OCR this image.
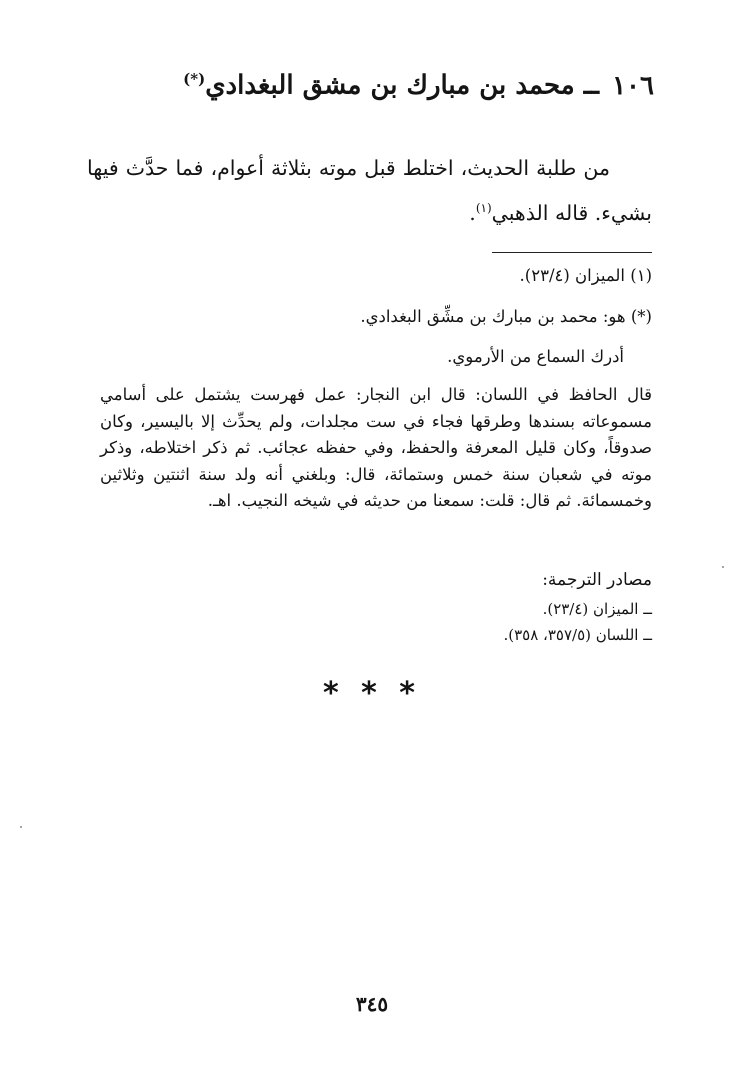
١٠٦ ــ محمد بن مبارك بن مشق البغدادي(*)
من طلبة الحديث، اختلط قبل موته بثلاثة أعوام، فما حدَّث فيها بشيء. قاله الذهبي$^{(١)}$.
(١) الميزان (٢٣/٤).
(*) هو: محمد بن مبارك بن مشِّق البغدادي.
أدرك السماع من الأرموي.
قال الحافظ في اللسان: قال ابن النجار: عمل فهرست يشتمل على أسامي مسموعاته بسندها وطرقها فجاء في ست مجلدات، ولم يحدِّث إلا باليسير، وكان صدوقاً، وكان قليل المعرفة والحفظ، وفي حفظه عجائب. ثم ذكر اختلاطه، وذكر موته في شعبان سنة خمس وستمائة، قال: وبلغني أنه ولد سنة اثنتين وثلاثين وخمسمائة. ثم قال: قلت: سمعنا من حديثه في شيخه النجيب. اهـ.
مصادر الترجمة:
ــ الميزان (٢٣/٤).
ــ اللسان (٣٥٧/٥، ٣٥٨).
* * *
٣٤٥
